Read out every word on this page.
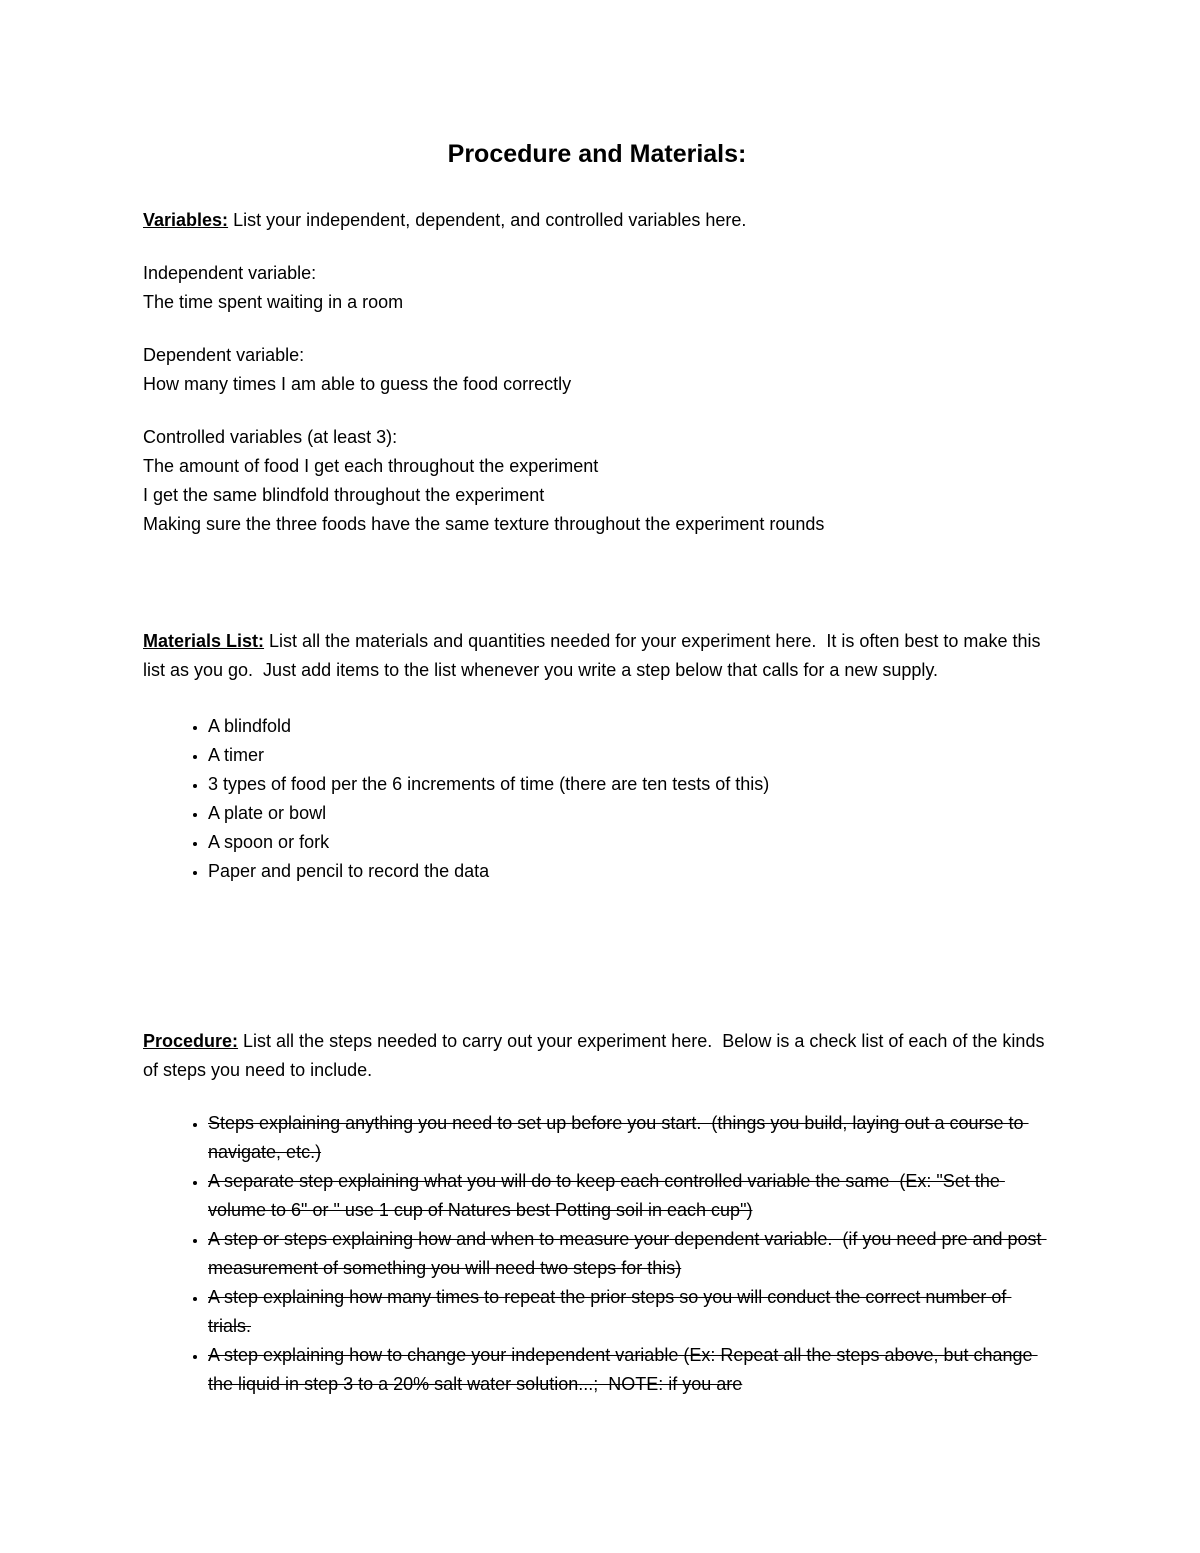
Procedure and Materials:

Variables: List your independent, dependent, and controlled variables here.

Independent variable:

The time spent waiting in a room

Dependent variable:

How many times I am able to guess the food correctly

Controlled variables (at least 3):

The amount of food I get each throughout the experiment

I get the same blindfold throughout the experiment

Making sure the three foods have the same texture throughout the experiment rounds

Materials List: List all the materials and quantities needed for your experiment here.  It is often best to make this list as you go.  Just add items to the list whenever you write a step below that calls for a new supply.

• A blindfold
• A timer
• 3 types of food per the 6 increments of time (there are ten tests of this)
• A plate or bowl
• A spoon or fork
• Paper and pencil to record the data

Procedure: List all the steps needed to carry out your experiment here.  Below is a check list of each of the kinds of steps you need to include.

• Steps explaining anything you need to set up before you start.  (things you build, laying out a course to navigate, etc.)
• A separate step explaining what you will do to keep each controlled variable the same  (Ex: "Set the volume to 6" or " use 1 cup of Natures best Potting soil in each cup")
• A step or steps explaining how and when to measure your dependent variable.  (if you need pre and post measurement of something you will need two steps for this)
• A step explaining how many times to repeat the prior steps so you will conduct the correct number of trials.
• A step explaining how to change your independent variable (Ex: Repeat all the steps above, but change the liquid in step 3 to a 20% salt water solution...;  NOTE: if you are
